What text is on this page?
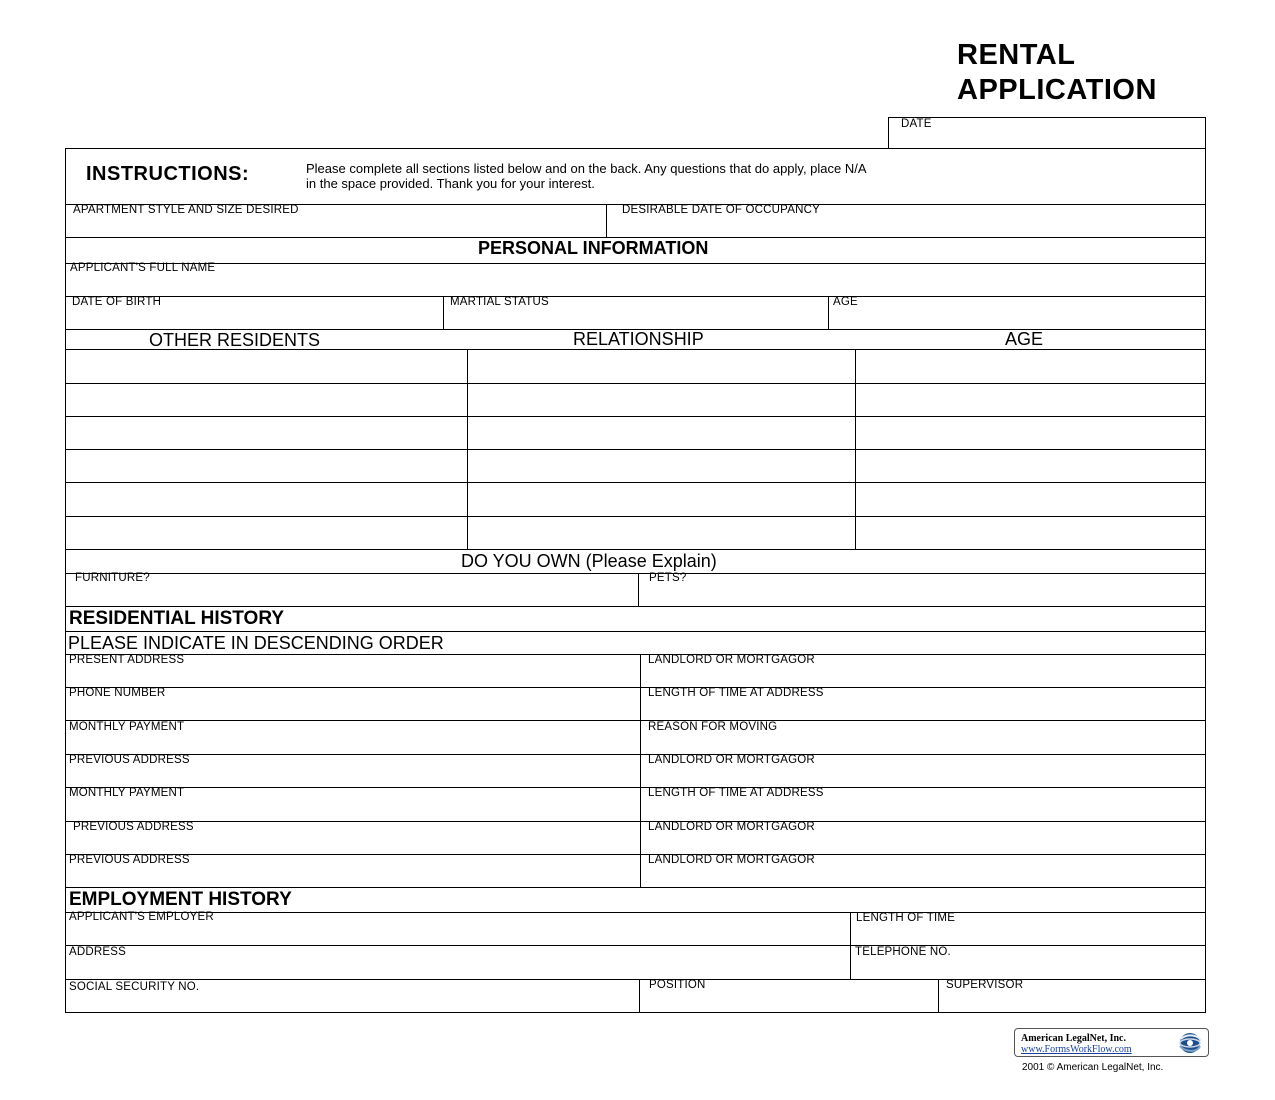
RENTAL
APPLICATION
DATE
INSTRUCTIONS:	Please complete all sections listed below and on the back. Any questions that do apply, place N/A
in the space provided. Thank you for your interest.
APARTMENT STYLE AND SIZE DESIRED	DESIRABLE DATE OF OCCUPANCY
PERSONAL INFORMATION
APPLICANT'S FULL NAME
DATE OF BIRTH	MARTIAL STATUS	AGE
OTHER RESIDENTS	RELATIONSHIP	AGE
DO YOU OWN (Please Explain)
FURNITURE?	PETS?
RESIDENTIAL HISTORY
PLEASE INDICATE IN DESCENDING ORDER
PRESENT ADDRESS	LANDLORD OR MORTGAGOR
PHONE NUMBER	LENGTH OF TIME AT ADDRESS
MONTHLY PAYMENT	REASON FOR MOVING
PREVIOUS ADDRESS	LANDLORD OR MORTGAGOR
MONTHLY PAYMENT	LENGTH OF TIME AT ADDRESS
PREVIOUS ADDRESS	LANDLORD OR MORTGAGOR
PREVIOUS ADDRESS	LANDLORD OR MORTGAGOR
EMPLOYMENT HISTORY
APPLICANT'S EMPLOYER	LENGTH OF TIME
ADDRESS	TELEPHONE NO.
SOCIAL SECURITY NO.	POSITION	SUPERVISOR
American LegalNet, Inc.
www.FormsWorkFlow.com
2001 © American LegalNet, Inc.
